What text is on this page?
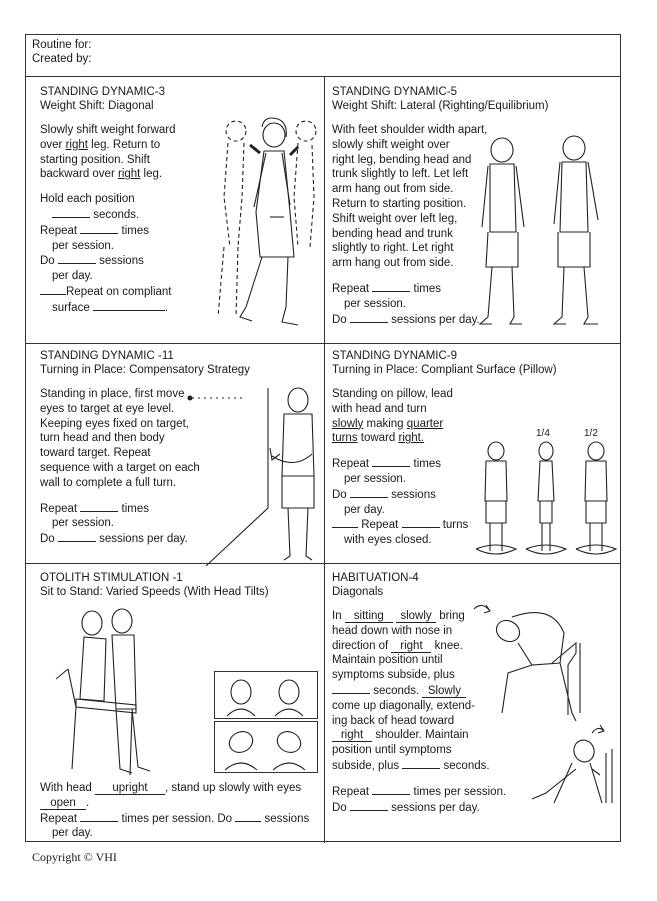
Routine for:
Created by:
STANDING DYNAMIC-3
Weight Shift: Diagonal
Slowly shift weight forward
over right leg. Return to
starting position. Shift
backward over right leg.
Hold each position
seconds.
Repeat	times
per session.
Do	sessions
per day.
Repeat on compliant
surface	.
STANDING DYNAMIC-5
Weight Shift: Lateral (Righting/Equilibrium)
With feet shoulder width apart,
slowly shift weight over
right leg, bending head and
trunk slightly to left. Let left
arm hang out from side.
Return to starting position.
Shift weight over left leg,
bending head and trunk
slightly to right. Let right
arm hang out from side.
Repeat	times
per session.
Do	sessions per day.
STANDING DYNAMIC -11
Turning in Place: Compensatory Strategy
Standing in place, first move
eyes to target at eye level.
Keeping eyes fixed on target,
turn head and then body
toward target. Repeat
sequence with a target on each
wall to complete a full turn.
Repeat	times
per session.
Do	sessions per day.
STANDING DYNAMIC-9
Turning in Place: Compliant Surface (Pillow)
Standing on pillow, lead
with head and turn
slowly making quarter
turns toward right.
Repeat	times
per session.
Do	sessions
per day.
Repeat	turns
with eyes closed.
1/4	1/2
OTOLITH STIMULATION -1
Sit to Stand: Varied Speeds (With Head Tilts)
With head upright , stand up slowly with eyes
open .
Repeat	times per session. Do	sessions
per day.
HABITUATION-4
Diagonals
In sitting slowly bring
head down with nose in
direction of right knee.
Maintain position until
symptoms subside, plus
seconds. Slowly
come up diagonally, extend-
ing back of head toward
right shoulder. Maintain
position until symptoms
subside, plus	seconds.
Repeat	times per session.
Do	sessions per day.
Copyright © VHI
